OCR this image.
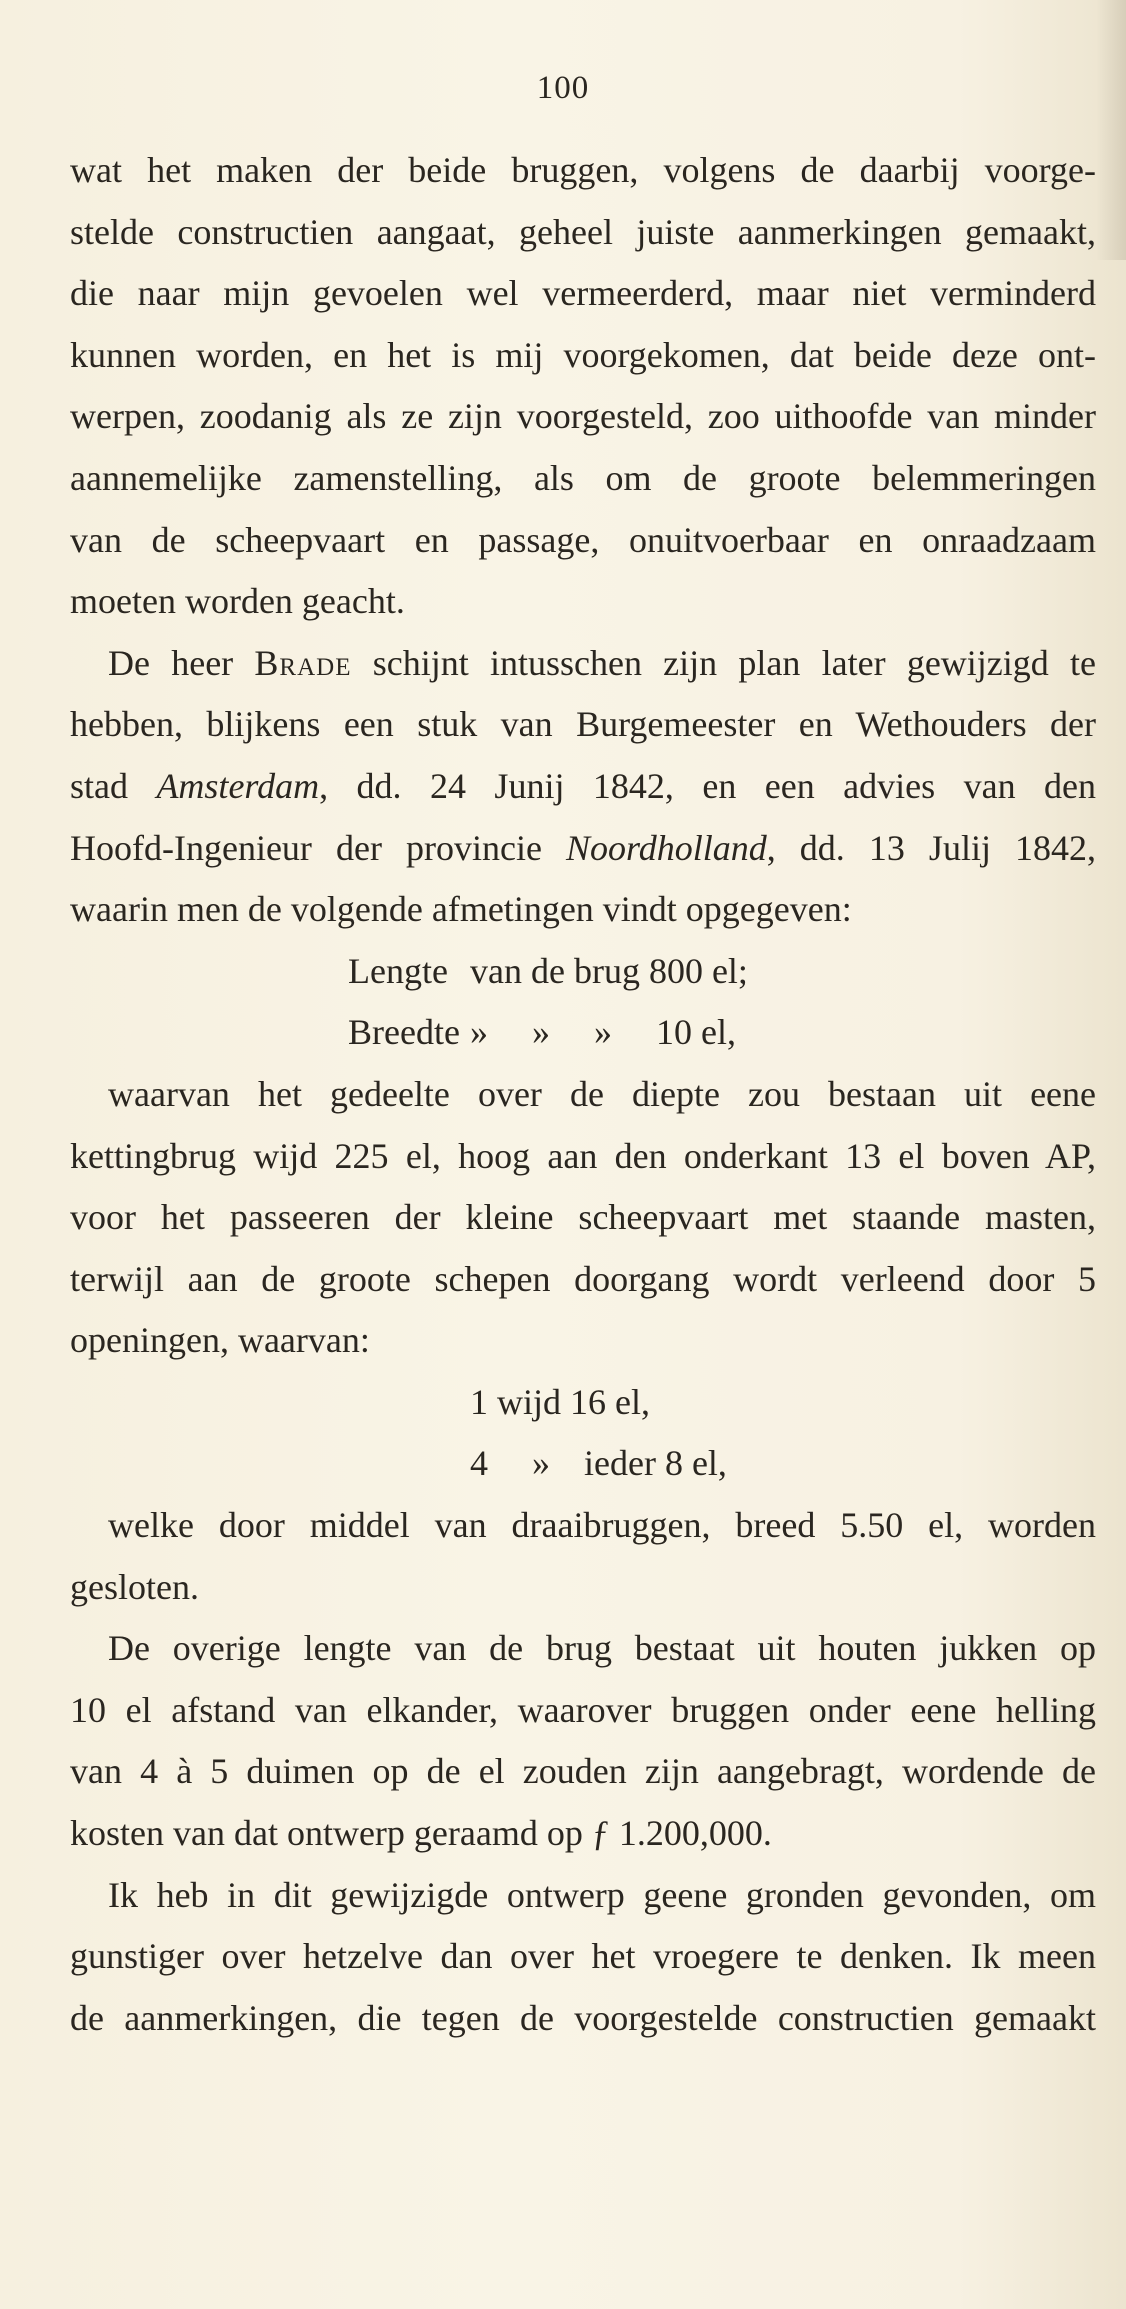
100
wat het maken der beide bruggen, volgens de daarbij voorge-
stelde constructien aangaat, geheel juiste aanmerkingen gemaakt,
die naar mijn gevoelen wel vermeerderd, maar niet verminderd
kunnen worden, en het is mij voorgekomen, dat beide deze ont-
werpen, zoodanig als ze zijn voorgesteld, zoo uithoofde van minder
aannemelijke zamenstelling, als om de groote belemmeringen
van de scheepvaart en passage, onuitvoerbaar en onraadzaam
moeten worden geacht.
De heer Brade schijnt intusschen zijn plan later gewijzigd te
hebben, blijkens een stuk van Burgemeester en Wethouders der
stad Amsterdam, dd. 24 Junij 1842, en een advies van den
Hoofd-Ingenieur der provincie Noordholland, dd. 13 Julij 1842,
waarin men de volgende afmetingen vindt opgegeven:
Lengte van de brug 800 el;
Breedte » » » 10 el,
waarvan het gedeelte over de diepte zou bestaan uit eene
kettingbrug wijd 225 el, hoog aan den onderkant 13 el boven AP,
voor het passeeren der kleine scheepvaart met staande masten,
terwijl aan de groote schepen doorgang wordt verleend door 5
openingen, waarvan:
1 wijd 16 el,
4 » ieder 8 el,
welke door middel van draaibruggen, breed 5.50 el, worden
gesloten.
De overige lengte van de brug bestaat uit houten jukken op
10 el afstand van elkander, waarover bruggen onder eene helling
van 4 à 5 duimen op de el zouden zijn aangebragt, wordende de
kosten van dat ontwerp geraamd op ƒ 1.200,000.
Ik heb in dit gewijzigde ontwerp geene gronden gevonden, om
gunstiger over hetzelve dan over het vroegere te denken. Ik meen
de aanmerkingen, die tegen de voorgestelde constructien gemaakt
